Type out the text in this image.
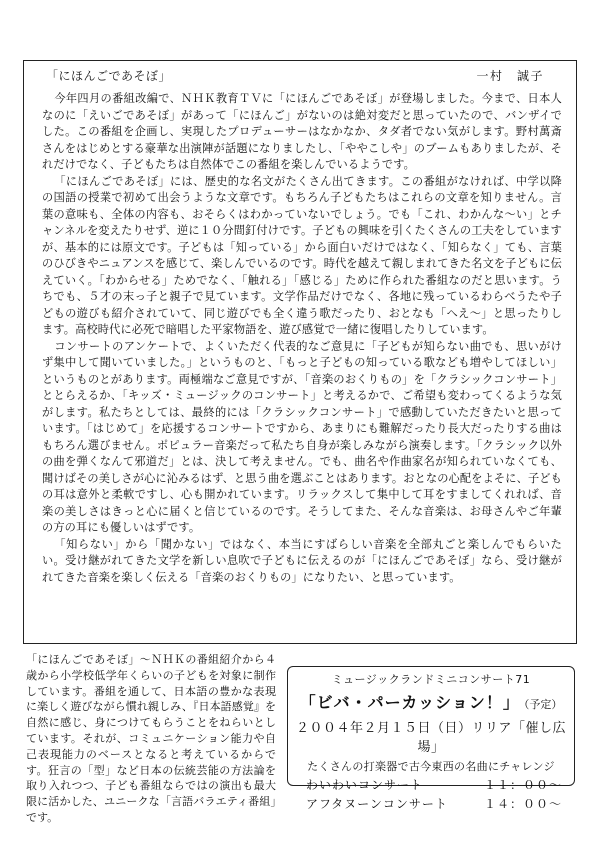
「にほんごであそぼ」	一村　誠子

今年四月の番組改編で、ＮＨＫ教育ＴＶに「にほんごであそぼ」が登場しました。今まで、日本人なのに「えいごであそぼ」があって「にほんご」がないのは絶対変だと思っていたので、バンザイでした。この番組を企画し、実現したプロデューサーはなかなか、タダ者でない気がします。野村萬斎さんをはじめとする豪華な出演陣が話題になりましたし、「ややこしや」のブームもありましたが、それだけでなく、子どもたちは自然体でこの番組を楽しんでいるようです。

「にほんごであそぼ」には、歴史的な名文がたくさん出てきます。この番組がなければ、中学以降の国語の授業で初めて出会うような文章です。もちろん子どもたちはこれらの文章を知りません。言葉の意味も、全体の内容も、おそらくはわかっていないでしょう。でも「これ、わかんな～い」とチャンネルを変えたりせず、逆に１０分間釘付けです。子どもの興味を引くたくさんの工夫をしていますが、基本的には原文です。子どもは「知っている」から面白いだけではなく、「知らなく」ても、言葉のひびきやニュアンスを感じて、楽しんでいるのです。時代を越えて親しまれてきた名文を子どもに伝えていく。「わからせる」ためでなく、「触れる」「感じる」ために作られた番組なのだと思います。うちでも、５才の末っ子と親子で見ています。文学作品だけでなく、各地に残っているわらべうたや子どもの遊びも紹介されていて、同じ遊びでも全く違う歌だったり、おとなも「へえ～」と思ったりします。高校時代に必死で暗唱した平家物語を、遊び感覚で一緒に復唱したりしています。

コンサートのアンケートで、よくいただく代表的なご意見に「子どもが知らない曲でも、思いがけず集中して聞いていました。」というものと、「もっと子どもの知っている歌なども増やしてほしい」というものとがあります。両極端なご意見ですが、「音楽のおくりもの」を「クラシックコンサート」ととらえるか、「キッズ・ミュージックのコンサート」と考えるかで、ご希望も変わってくるような気がします。私たちとしては、最終的には「クラシックコンサート」で感動していただきたいと思っています。「はじめて」を応援するコンサートですから、あまりにも難解だったり長大だったりする曲はもちろん選びません。ポピュラー音楽だって私たち自身が楽しみながら演奏します。「クラシック以外の曲を弾くなんて邪道だ」とは、決して考えません。でも、曲名や作曲家名が知られていなくても、聞けばその美しさが心に沁みるはず、と思う曲を選ぶことはあります。おとなの心配をよそに、子どもの耳は意外と柔軟ですし、心も開かれています。リラックスして集中して耳をすましてくれれば、音楽の美しさはきっと心に届くと信じているのです。そうしてまた、そんな音楽は、お母さんやご年輩の方の耳にも優しいはずです。

「知らない」から「聞かない」ではなく、本当にすばらしい音楽を全部丸ごと楽しんでもらいたい。受け継がれてきた文学を新しい息吹で子どもに伝えるのが「にほんごであそぼ」なら、受け継がれてきた音楽を楽しく伝える「音楽のおくりもの」になりたい、と思っています。

「にほんごであそぼ」～ＮＨＫの番組紹介から４歳から小学校低学年くらいの子どもを対象に制作しています。番組を通して、日本語の豊かな表現に楽しく遊びながら慣れ親しみ、『日本語感覚』を自然に感じ、身につけてもらうことをねらいとしています。それが、コミュニケーション能力や自己表現能力のベースとなると考えているからです。狂言の「型」など日本の伝統芸能の方法論を取り入れつつ、子ども番組ならではの演出も最大限に活かした、ユニークな「言語バラエティ番組」です。
ミュージックランドミニコンサート71
「ビバ・パーカッション！」 （予定）
２００４年２月１５日（日）リリア「催し広場」
たくさんの打楽器で古今東西の名曲にチャレンジ
わいわいコンサート	１１：００～
アフタヌーンコンサート	１４：００～
